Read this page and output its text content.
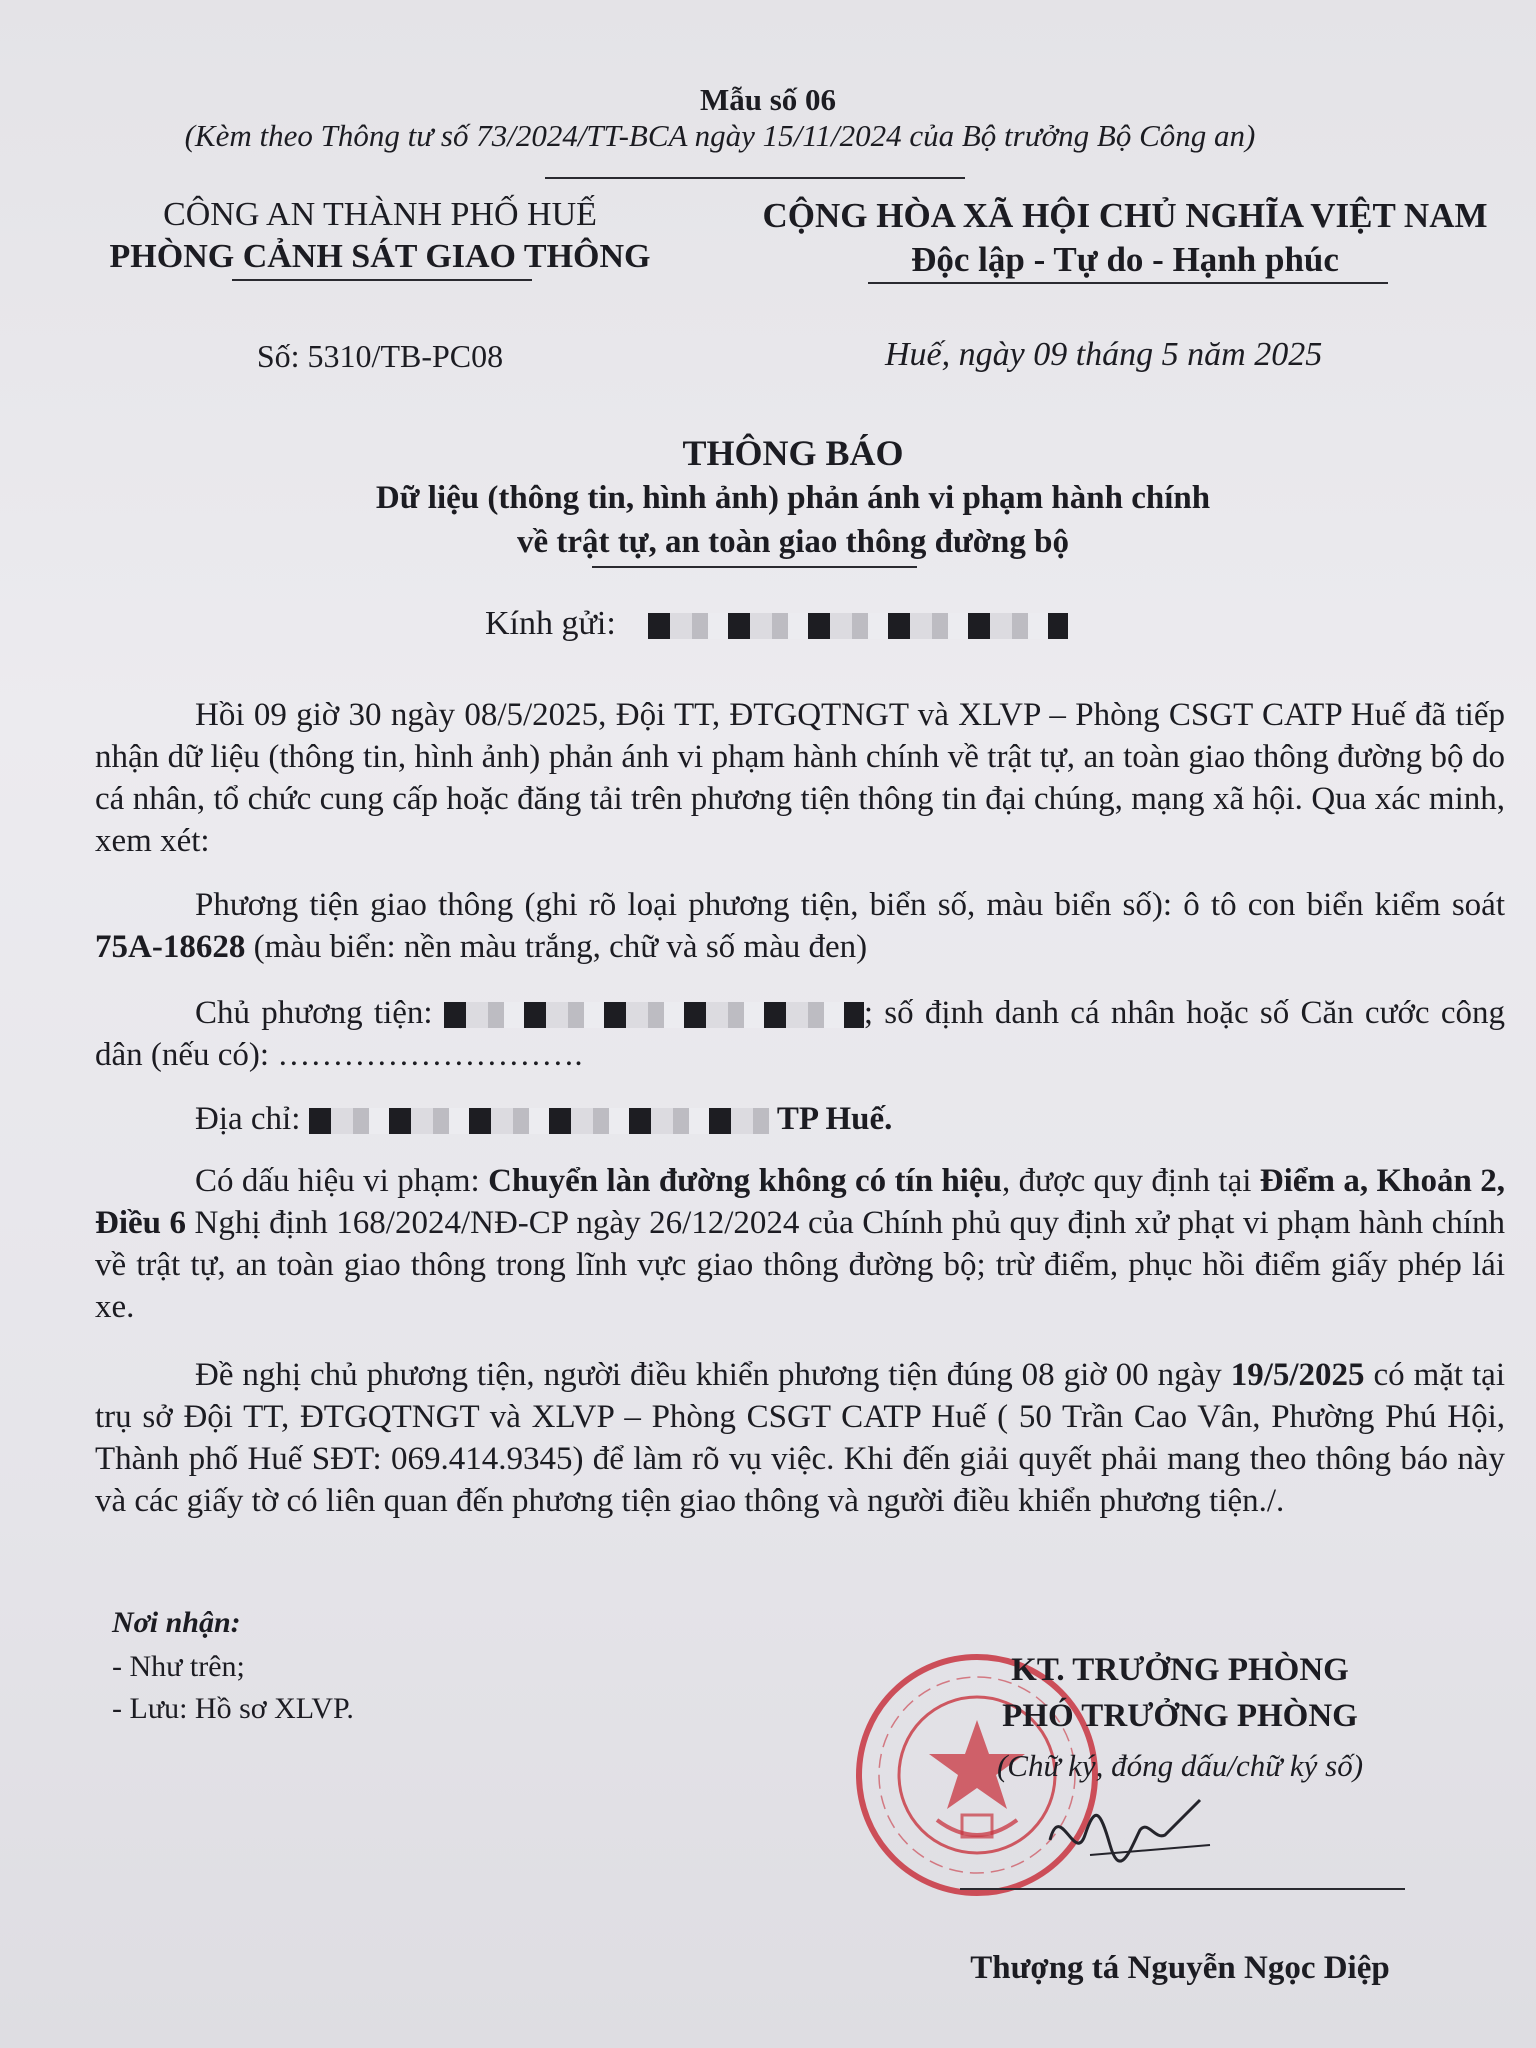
Mẫu số 06
(Kèm theo Thông tư số 73/2024/TT-BCA ngày 15/11/2024 của Bộ trưởng Bộ Công an)
CÔNG AN THÀNH PHỐ HUẾ
PHÒNG CẢNH SÁT GIAO THÔNG
CỘNG HÒA XÃ HỘI CHỦ NGHĨA VIỆT NAM
Độc lập - Tự do - Hạnh phúc
Số: 5310/TB-PC08	Huế, ngày 09 tháng 5 năm 2025
THÔNG BÁO
Dữ liệu (thông tin, hình ảnh) phản ánh vi phạm hành chính
về trật tự, an toàn giao thông đường bộ
Kính gửi:
Hồi 09 giờ 30 ngày 08/5/2025, Đội TT, ĐTGQTNGT và XLVP – Phòng CSGT CATP Huế đã tiếp nhận dữ liệu (thông tin, hình ảnh) phản ánh vi phạm hành chính về trật tự, an toàn giao thông đường bộ do cá nhân, tổ chức cung cấp hoặc đăng tải trên phương tiện thông tin đại chúng, mạng xã hội. Qua xác minh, xem xét:
Phương tiện giao thông (ghi rõ loại phương tiện, biển số, màu biển số): ô tô con biển kiểm soát 75A-18628 (màu biển: nền màu trắng, chữ và số màu đen)
Chủ phương tiện:	; số định danh cá nhân hoặc số Căn cước công dân (nếu có): ……………………….
Địa chỉ:	TP Huế.
Có dấu hiệu vi phạm: Chuyển làn đường không có tín hiệu, được quy định tại Điểm a, Khoản 2, Điều 6 Nghị định 168/2024/NĐ-CP ngày 26/12/2024 của Chính phủ quy định xử phạt vi phạm hành chính về trật tự, an toàn giao thông trong lĩnh vực giao thông đường bộ; trừ điểm, phục hồi điểm giấy phép lái xe.
Đề nghị chủ phương tiện, người điều khiển phương tiện đúng 08 giờ 00 ngày 19/5/2025 có mặt tại trụ sở Đội TT, ĐTGQTNGT và XLVP – Phòng CSGT CATP Huế ( 50 Trần Cao Vân, Phường Phú Hội, Thành phố Huế SĐT: 069.414.9345) để làm rõ vụ việc. Khi đến giải quyết phải mang theo thông báo này và các giấy tờ có liên quan đến phương tiện giao thông và người điều khiển phương tiện./.
Nơi nhận:
- Như trên;
- Lưu: Hồ sơ XLVP.
KT. TRƯỞNG PHÒNG
PHÓ TRƯỞNG PHÒNG
(Chữ ký, đóng dấu/chữ ký số)
Thượng tá Nguyễn Ngọc Diệp
